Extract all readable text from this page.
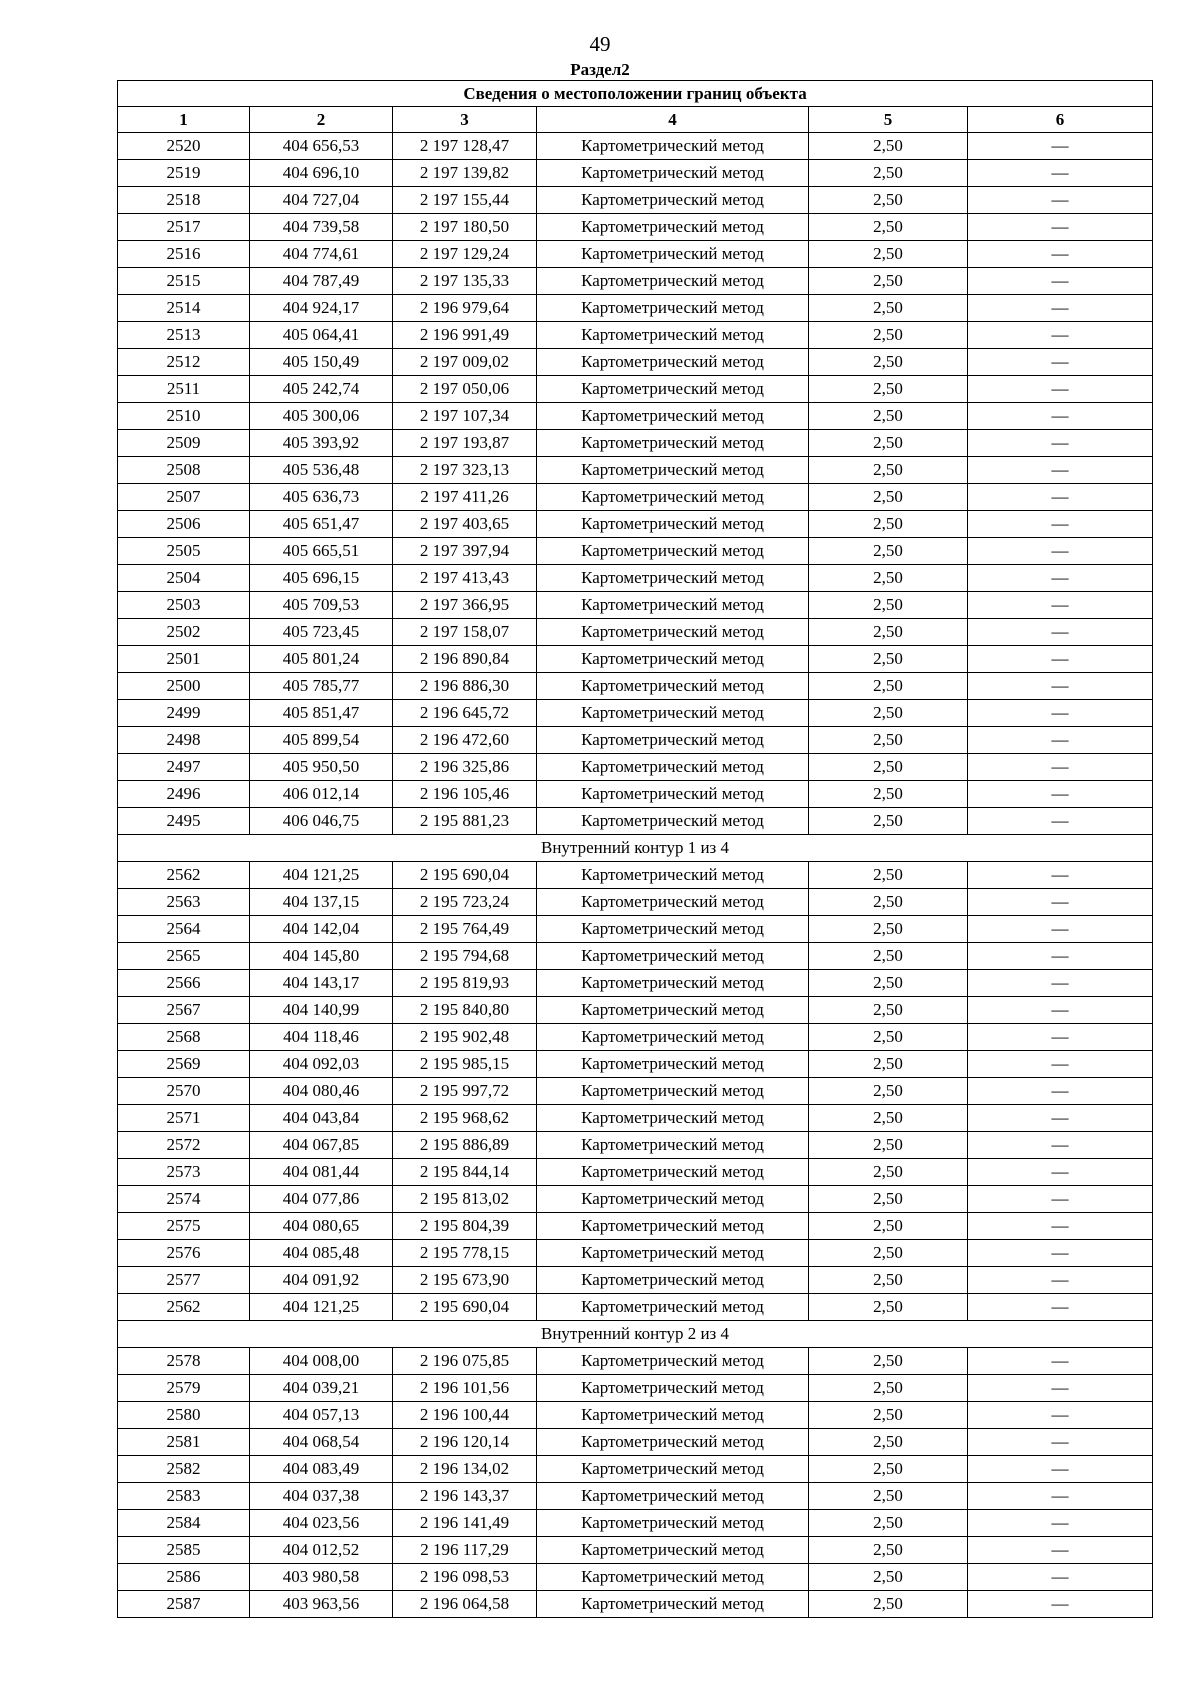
49
Раздел2
Сведения о местоположении границ объекта					
1	2	3	4	5	6
2520	404 656,53	2 197 128,47	Картометрический метод	2,50	—
2519	404 696,10	2 197 139,82	Картометрический метод	2,50	—
2518	404 727,04	2 197 155,44	Картометрический метод	2,50	—
2517	404 739,58	2 197 180,50	Картометрический метод	2,50	—
2516	404 774,61	2 197 129,24	Картометрический метод	2,50	—
2515	404 787,49	2 197 135,33	Картометрический метод	2,50	—
2514	404 924,17	2 196 979,64	Картометрический метод	2,50	—
2513	405 064,41	2 196 991,49	Картометрический метод	2,50	—
2512	405 150,49	2 197 009,02	Картометрический метод	2,50	—
2511	405 242,74	2 197 050,06	Картометрический метод	2,50	—
2510	405 300,06	2 197 107,34	Картометрический метод	2,50	—
2509	405 393,92	2 197 193,87	Картометрический метод	2,50	—
2508	405 536,48	2 197 323,13	Картометрический метод	2,50	—
2507	405 636,73	2 197 411,26	Картометрический метод	2,50	—
2506	405 651,47	2 197 403,65	Картометрический метод	2,50	—
2505	405 665,51	2 197 397,94	Картометрический метод	2,50	—
2504	405 696,15	2 197 413,43	Картометрический метод	2,50	—
2503	405 709,53	2 197 366,95	Картометрический метод	2,50	—
2502	405 723,45	2 197 158,07	Картометрический метод	2,50	—
2501	405 801,24	2 196 890,84	Картометрический метод	2,50	—
2500	405 785,77	2 196 886,30	Картометрический метод	2,50	—
2499	405 851,47	2 196 645,72	Картометрический метод	2,50	—
2498	405 899,54	2 196 472,60	Картометрический метод	2,50	—
2497	405 950,50	2 196 325,86	Картометрический метод	2,50	—
2496	406 012,14	2 196 105,46	Картометрический метод	2,50	—
2495	406 046,75	2 195 881,23	Картометрический метод	2,50	—
Внутренний контур 1 из 4					
2562	404 121,25	2 195 690,04	Картометрический метод	2,50	—
2563	404 137,15	2 195 723,24	Картометрический метод	2,50	—
2564	404 142,04	2 195 764,49	Картометрический метод	2,50	—
2565	404 145,80	2 195 794,68	Картометрический метод	2,50	—
2566	404 143,17	2 195 819,93	Картометрический метод	2,50	—
2567	404 140,99	2 195 840,80	Картометрический метод	2,50	—
2568	404 118,46	2 195 902,48	Картометрический метод	2,50	—
2569	404 092,03	2 195 985,15	Картометрический метод	2,50	—
2570	404 080,46	2 195 997,72	Картометрический метод	2,50	—
2571	404 043,84	2 195 968,62	Картометрический метод	2,50	—
2572	404 067,85	2 195 886,89	Картометрический метод	2,50	—
2573	404 081,44	2 195 844,14	Картометрический метод	2,50	—
2574	404 077,86	2 195 813,02	Картометрический метод	2,50	—
2575	404 080,65	2 195 804,39	Картометрический метод	2,50	—
2576	404 085,48	2 195 778,15	Картометрический метод	2,50	—
2577	404 091,92	2 195 673,90	Картометрический метод	2,50	—
2562	404 121,25	2 195 690,04	Картометрический метод	2,50	—
Внутренний контур 2 из 4					
2578	404 008,00	2 196 075,85	Картометрический метод	2,50	—
2579	404 039,21	2 196 101,56	Картометрический метод	2,50	—
2580	404 057,13	2 196 100,44	Картометрический метод	2,50	—
2581	404 068,54	2 196 120,14	Картометрический метод	2,50	—
2582	404 083,49	2 196 134,02	Картометрический метод	2,50	—
2583	404 037,38	2 196 143,37	Картометрический метод	2,50	—
2584	404 023,56	2 196 141,49	Картометрический метод	2,50	—
2585	404 012,52	2 196 117,29	Картометрический метод	2,50	—
2586	403 980,58	2 196 098,53	Картометрический метод	2,50	—
2587	403 963,56	2 196 064,58	Картометрический метод	2,50	—
